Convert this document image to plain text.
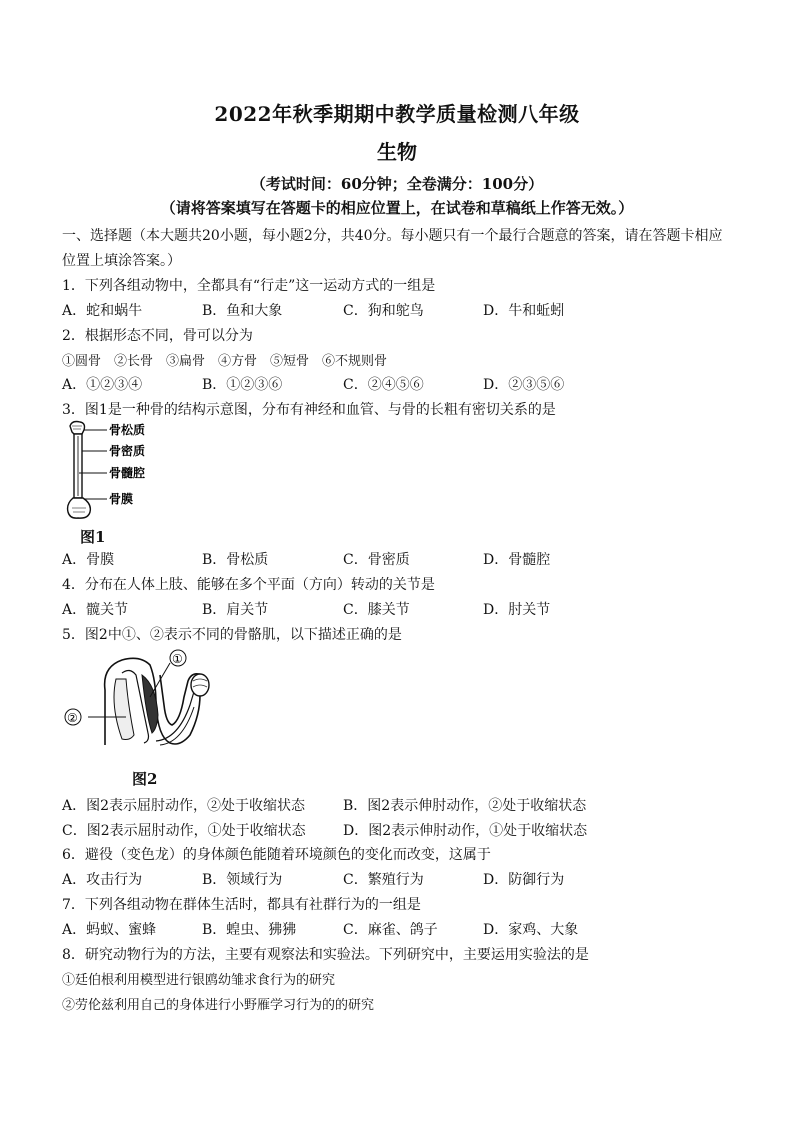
2022年秋季期期中教学质量检测八年级
生物
（考试时间：60分钟；全卷满分：100分）
（请将答案填写在答题卡的相应位置上，在试卷和草稿纸上作答无效。）
一、选择题（本大题共20小题，每小题2分，共40分。每小题只有一个最行合题意的答案，请在答题卡相应
位置上填涂答案。）
1．下列各组动物中，全都具有“行走”这一运动方式的一组是
A．蛇和蜗牛	B．鱼和大象	C．狗和鸵鸟	D．牛和蚯蚓
2．根据形态不同，骨可以分为
①圆骨　②长骨　③扁骨　④方骨　⑤短骨　⑥不规则骨
A．①②③④	B．①②③⑥	C．②④⑤⑥	D．②③⑤⑥
3．图1是一种骨的结构示意图，分布有神经和血管、与骨的长粗有密切关系的是
骨松质
骨密质
骨髓腔
骨膜
图1
A．骨膜	B．骨松质	C．骨密质	D．骨髓腔
4．分布在人体上肢、能够在多个平面（方向）转动的关节是
A．髋关节	B．肩关节	C．膝关节	D．肘关节
5．图2中①、②表示不同的骨骼肌，以下描述正确的是
①
②
图2
A．图2表示屈肘动作，②处于收缩状态	B．图2表示伸肘动作，②处于收缩状态
C．图2表示屈肘动作，①处于收缩状态	D．图2表示伸肘动作，①处于收缩状态
6．避役（变色龙）的身体颜色能随着环境颜色的变化而改变，这属于
A．攻击行为	B．领域行为	C．繁殖行为	D．防御行为
7．下列各组动物在群体生活时，都具有社群行为的一组是
A．蚂蚁、蜜蜂	B．蝗虫、狒狒	C．麻雀、鸽子	D．家鸡、大象
8．研究动物行为的方法，主要有观察法和实验法。下列研究中，主要运用实验法的是
①廷伯根利用模型进行银鸥幼雏求食行为的研究
②劳伦兹利用自己的身体进行小野雁学习行为的的研究
